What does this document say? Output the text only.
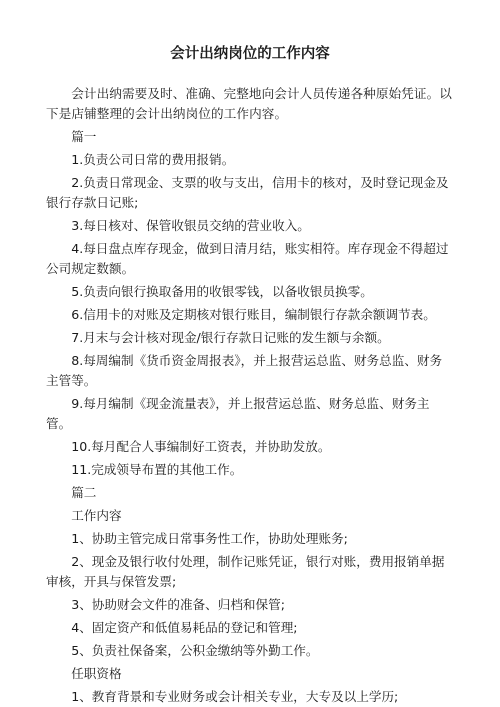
会计出纳岗位的工作内容

会计出纳需要及时、准确、完整地向会计人员传递各种原始凭证。以下是店铺整理的会计出纳岗位的工作内容。

篇一

1.负责公司日常的费用报销。

2.负责日常现金、支票的收与支出，信用卡的核对，及时登记现金及银行存款日记账;

3.每日核对、保管收银员交纳的营业收入。

4.每日盘点库存现金，做到日清月结，账实相符。库存现金不得超过公司规定数额。

5.负责向银行换取备用的收银零钱，以备收银员换零。

6.信用卡的对账及定期核对银行账目，编制银行存款余额调节表。

7.月末与会计核对现金/银行存款日记账的发生额与余额。

8.每周编制《货币资金周报表》，并上报营运总监、财务总监、财务主管等。

9.每月编制《现金流量表》，并上报营运总监、财务总监、财务主管。

10.每月配合人事编制好工资表，并协助发放。

11.完成领导布置的其他工作。

篇二

工作内容

1、协助主管完成日常事务性工作，协助处理账务;

2、现金及银行收付处理，制作记账凭证，银行对账，费用报销单据审核，开具与保管发票;

3、协助财会文件的准备、归档和保管;

4、固定资产和低值易耗品的登记和管理;

5、负责社保备案，公积金缴纳等外勤工作。

任职资格

1、教育背景和专业财务或会计相关专业，大专及以上学历;
